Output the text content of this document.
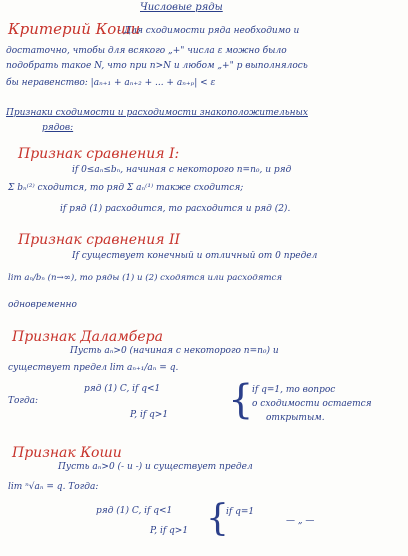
Числовые ряды
Критерий Коши
- Для сходимости ряда необходимо и
достаточно, чтобы для всякого „+" числа ε можно было
подобрать такое N, что при n>N и любом „+" p выполнялось
бы неравенство: |aₙ₊₁ + aₙ₊₂ + ... + aₙ₊ₚ| < ε
Признаки сходимости и расходимости знакоположительных
рядов:
Признак сравнения I:
if 0≤aₙ≤bₙ, начиная с некоторого n=n₀, и ряд
Σ bₙ⁽²⁾ сходится, то ряд Σ aₙ⁽¹⁾ также сходится;
if ряд (1) расходится, то расходится и ряд (2).
Признак сравнения II
If существует конечный и отличный от 0 предел
lim aₙ/bₙ (n→∞), то ряды (1) и (2) сходятся или расходятся
одновременно
Признак Даламбера
Пусть aₙ>0 (начиная с некоторого n=n₀) и
существует предел lim aₙ₊₁/aₙ = q.
Тогда:
ряд (1) C, if q<1
P, if q>1 {
if q=1, то вопрос
о сходимости остается
открытым.
Признак Коши
Пусть aₙ>0 (- и -) и существует предел
lim ⁿ√aₙ = q. Тогда:
ряд (1) C, if q<1
P, if q>1 {
if q=1
— „ —
